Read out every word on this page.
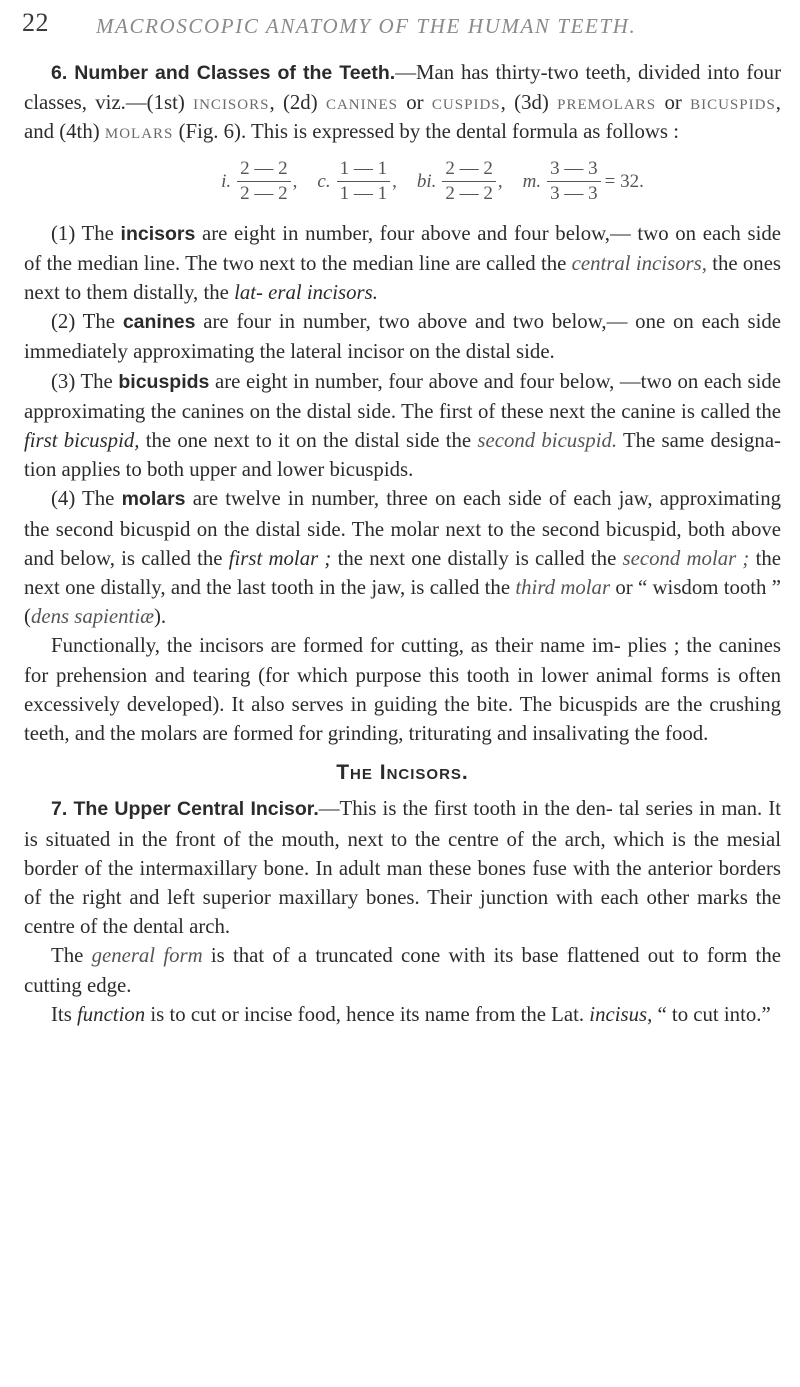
22 MACROSCOPIC ANATOMY OF THE HUMAN TEETH.

6. Number and Classes of the Teeth.—Man has thirty-two teeth, divided into four classes, viz.—(1st) incisors, (2d) canines or cuspids, (3d) premolars or bicuspids, and (4th) molars (Fig. 6). This is expressed by the dental formula as follows :

i. $\frac{2 — 2}{2 — 2}$ , c. $\frac{1 — 1}{1 — 1}$ , bi. $\frac{2 — 2}{2 — 2}$ , m. $\frac{3 — 3}{3 — 3} = 32$.

(1) The incisors are eight in number, four above and four below,— two on each side of the median line. The two next to the median line are called the central incisors, the ones next to them distally, the lat- eral incisors.

(2) The canines are four in number, two above and two below,— one on each side immediately approximating the lateral incisor on the distal side.

(3) The bicuspids are eight in number, four above and four below, —two on each side approximating the canines on the distal side. The first of these next the canine is called the first bicuspid, the one next to it on the distal side the second bicuspid. The same designa- tion applies to both upper and lower bicuspids.

(4) The molars are twelve in number, three on each side of each jaw, approximating the second bicuspid on the distal side. The molar next to the second bicuspid, both above and below, is called the first molar ; the next one distally is called the second molar ; the next one distally, and the last tooth in the jaw, is called the third molar or “ wisdom tooth ” (dens sapientiæ).

Functionally, the incisors are formed for cutting, as their name im- plies ; the canines for prehension and tearing (for which purpose this tooth in lower animal forms is often excessively developed). It also serves in guiding the bite. The bicuspids are the crushing teeth, and the molars are formed for grinding, triturating and insalivating the food.

The Incisors.

7. The Upper Central Incisor.—This is the first tooth in the den- tal series in man. It is situated in the front of the mouth, next to the centre of the arch, which is the mesial border of the intermaxillary bone. In adult man these bones fuse with the anterior borders of the right and left superior maxillary bones. Their junction with each other marks the centre of the dental arch.

The general form is that of a truncated cone with its base flattened out to form the cutting edge.

Its function is to cut or incise food, hence its name from the Lat. incisus, “ to cut into.”
